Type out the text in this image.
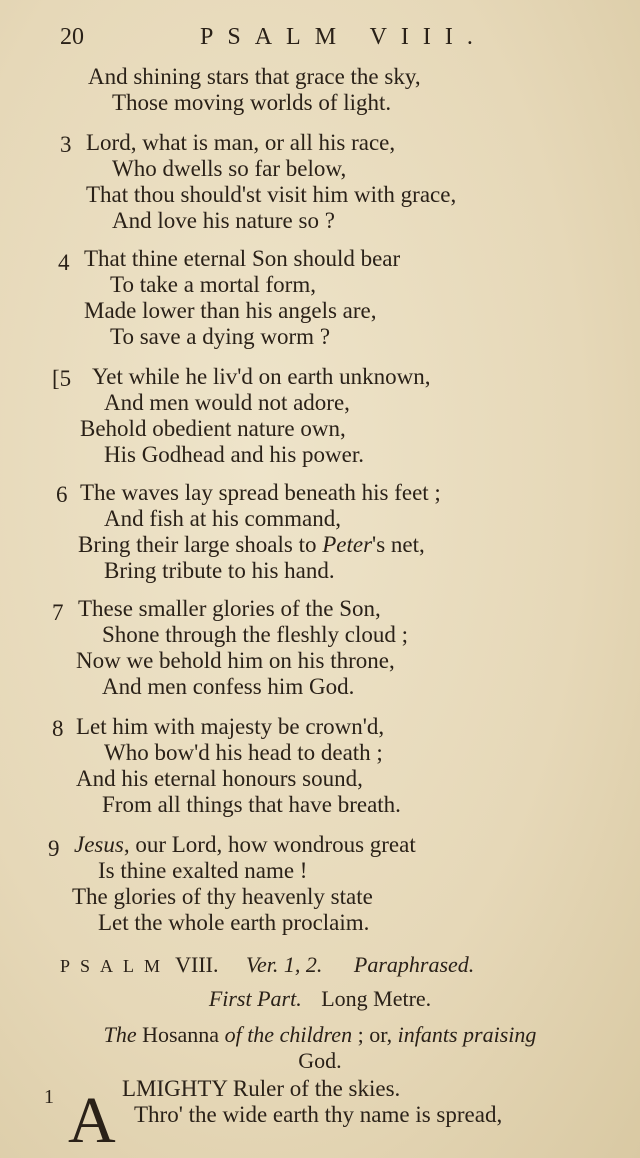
20	PSALM VIII.
And shining stars that grace the sky,
Those moving worlds of light.
3 Lord, what is man, or all his race,
Who dwells so far below,
That thou should'st visit him with grace,
And love his nature so ?
4 That thine eternal Son should bear
To take a mortal form,
Made lower than his angels are,
To save a dying worm ?
[5 Yet while he liv'd on earth unknown,
And men would not adore,
Behold obedient nature own,
His Godhead and his power.
6 The waves lay spread beneath his feet ;
And fish at his command,
Bring their large shoals to Peter's net,
Bring tribute to his hand.
7 These smaller glories of the Son,
Shone through the fleshly cloud ;
Now we behold him on his throne,
And men confess him God.
8 Let him with majesty be crown'd,
Who bow'd his head to death ;
And his eternal honours sound,
From all things that have breath.
9 Jesus, our Lord, how wondrous great
Is thine exalted name !
The glories of thy heavenly state
Let the whole earth proclaim.
PSALM VIII. Ver. 1, 2. Paraphrased.
First Part. Long Metre.
The Hosanna of the children ; or, infants praising
God.
1 A LMIGHTY Ruler of the skies.
Thro' the wide earth thy name is spread,
